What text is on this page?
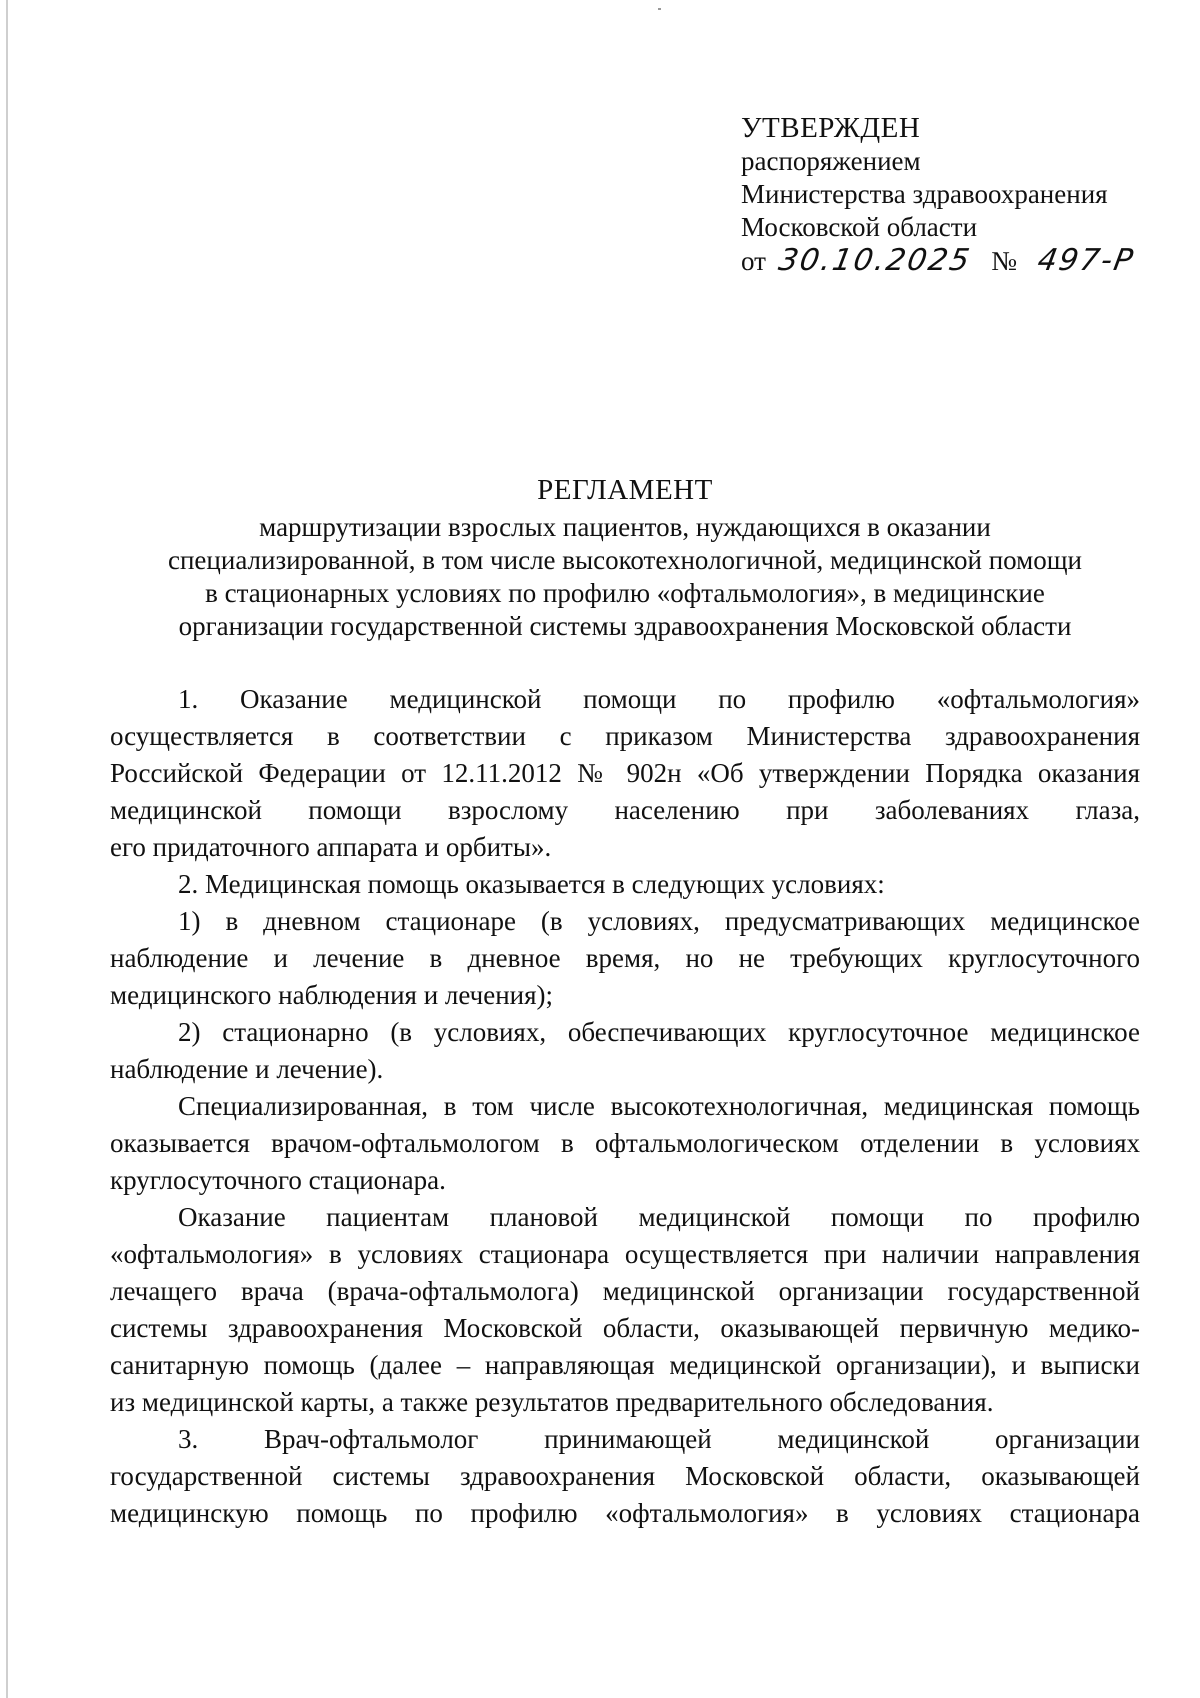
УТВЕРЖДЕН
распоряжением
Министерства здравоохранения
Московской области
от 30.10.2025 № 497-Р
РЕГЛАМЕНТ
маршрутизации взрослых пациентов, нуждающихся в оказании
специализированной, в том числе высокотехнологичной, медицинской помощи
в стационарных условиях по профилю «офтальмология», в медицинские
организации государственной системы здравоохранения Московской области

1. Оказание медицинской помощи по профилю «офтальмология»

осуществляется в соответствии с приказом Министерства здравоохранения

Российской Федерации от 12.11.2012 № 902н «Об утверждении Порядка оказания

медицинской помощи взрослому населению при заболеваниях глаза,

его придаточного аппарата и орбиты».

2. Медицинская помощь оказывается в следующих условиях:

1) в дневном стационаре (в условиях, предусматривающих медицинское

наблюдение и лечение в дневное время, но не требующих круглосуточного

медицинского наблюдения и лечения);

2) стационарно (в условиях, обеспечивающих круглосуточное медицинское

наблюдение и лечение).

Специализированная, в том числе высокотехнологичная, медицинская помощь

оказывается врачом-офтальмологом в офтальмологическом отделении в условиях

круглосуточного стационара.

Оказание пациентам плановой медицинской помощи по профилю

«офтальмология» в условиях стационара осуществляется при наличии направления

лечащего врача (врача-офтальмолога) медицинской организации государственной

системы здравоохранения Московской области, оказывающей первичную медико-

санитарную помощь (далее – направляющая медицинской организации), и выписки

из медицинской карты, а также результатов предварительного обследования.

3. Врач-офтальмолог принимающей медицинской организации

государственной системы здравоохранения Московской области, оказывающей

медицинскую помощь по профилю «офтальмология» в условиях стационара
